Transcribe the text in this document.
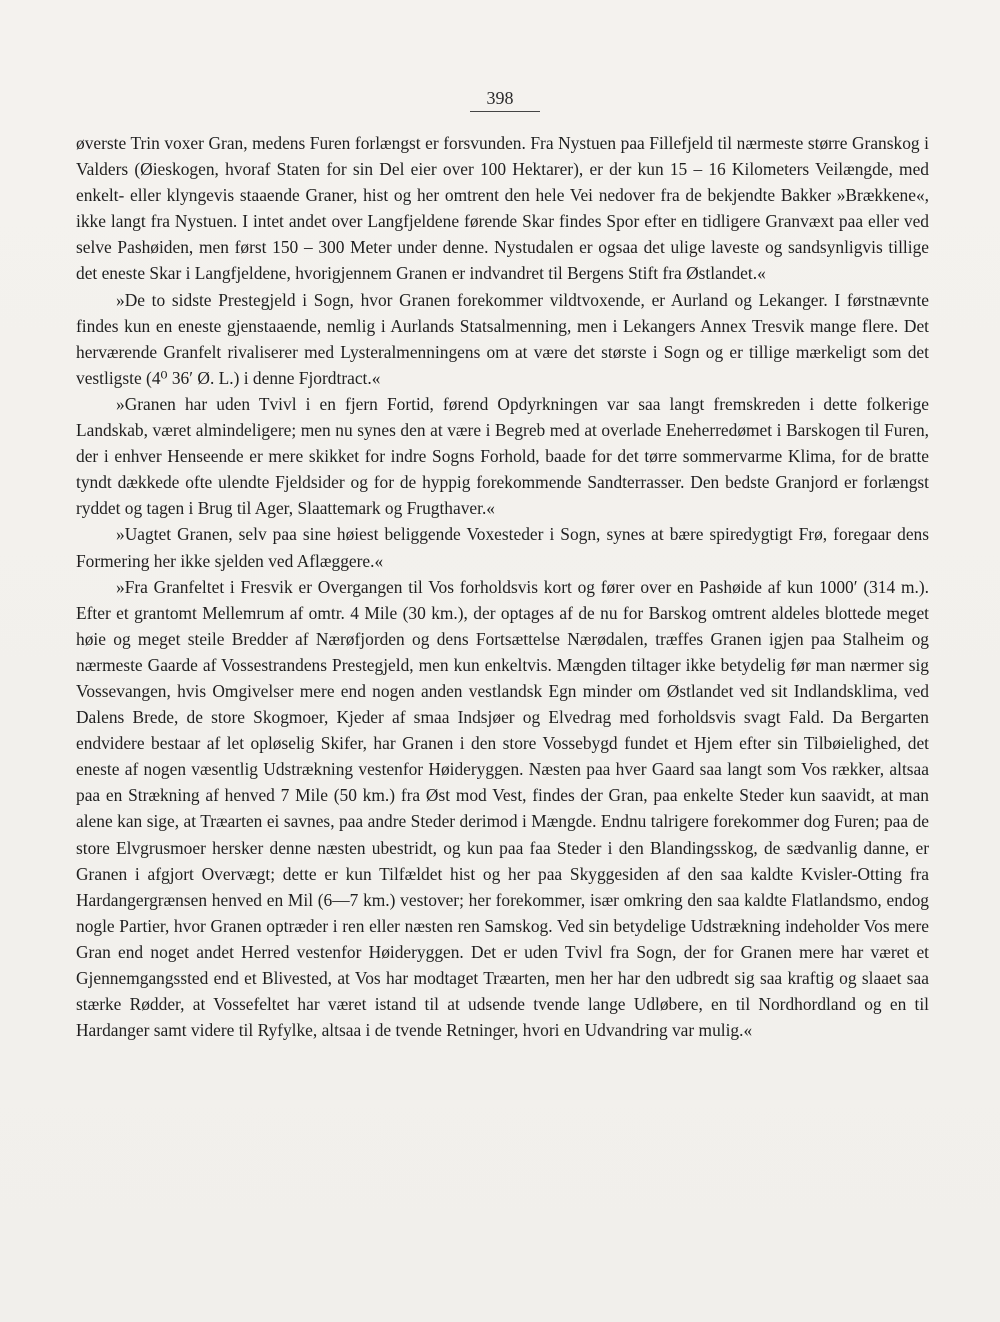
398

øverste Trin voxer Gran, medens Furen forlængst er forsvunden. Fra Nystuen paa Fillefjeld til nærmeste større Granskog i Valders (Øieskogen, hvoraf Staten for sin Del eier over 100 Hektarer), er der kun 15 – 16 Kilometers Veilængde, med enkelt- eller klyngevis staaende Graner, hist og her omtrent den hele Vei nedover fra de bekjendte Bakker »Brækkene«, ikke langt fra Nystuen. I intet andet over Langfjeldene førende Skar findes Spor efter en tidligere Granvæxt paa eller ved selve Pashøiden, men først 150 – 300 Meter under denne. Nystudalen er ogsaa det ulige laveste og sandsynligvis tillige det eneste Skar i Langfjeldene, hvorigjennem Granen er indvandret til Bergens Stift fra Østlandet.«

»De to sidste Prestegjeld i Sogn, hvor Granen forekommer vildtvoxende, er Aurland og Lekanger. I førstnævnte findes kun en eneste gjenstaaende, nemlig i Aurlands Statsalmenning, men i Lekangers Annex Tresvik mange flere. Det herværende Granfelt rivaliserer med Lysteralmenningens om at være det største i Sogn og er tillige mærkeligt som det vestligste (4⁰ 36′ Ø. L.) i denne Fjordtract.«

»Granen har uden Tvivl i en fjern Fortid, førend Opdyrkningen var saa langt fremskreden i dette folkerige Landskab, været almindeligere; men nu synes den at være i Begreb med at overlade Eneherredømet i Barskogen til Furen, der i enhver Henseende er mere skikket for indre Sogns Forhold, baade for det tørre sommervarme Klima, for de bratte tyndt dækkede ofte ulendte Fjeldsider og for de hyppig forekommende Sandterrasser. Den bedste Granjord er forlængst ryddet og tagen i Brug til Ager, Slaattemark og Frugthaver.«

»Uagtet Granen, selv paa sine høiest beliggende Voxesteder i Sogn, synes at bære spiredygtigt Frø, foregaar dens Formering her ikke sjelden ved Aflæggere.«

»Fra Granfeltet i Fresvik er Overgangen til Vos forholdsvis kort og fører over en Pashøide af kun 1000′ (314 m.). Efter et grantomt Mellemrum af omtr. 4 Mile (30 km.), der optages af de nu for Barskog omtrent aldeles blottede meget høie og meget steile Bredder af Nærøfjorden og dens Fortsættelse Nærødalen, træffes Granen igjen paa Stalheim og nærmeste Gaarde af Vossestrandens Prestegjeld, men kun enkeltvis. Mængden tiltager ikke betydelig før man nærmer sig Vossevangen, hvis Omgivelser mere end nogen anden vestlandsk Egn minder om Østlandet ved sit Indlandsklima, ved Dalens Brede, de store Skogmoer, Kjeder af smaa Indsjøer og Elvedrag med forholdsvis svagt Fald. Da Bergarten endvidere bestaar af let opløselig Skifer, har Granen i den store Vossebygd fundet et Hjem efter sin Tilbøielighed, det eneste af nogen væsentlig Udstrækning vestenfor Høideryggen. Næsten paa hver Gaard saa langt som Vos rækker, altsaa paa en Strækning af henved 7 Mile (50 km.) fra Øst mod Vest, findes der Gran, paa enkelte Steder kun saavidt, at man alene kan sige, at Træarten ei savnes, paa andre Steder derimod i Mængde. Endnu talrigere forekommer dog Furen; paa de store Elvgrusmoer hersker denne næsten ubestridt, og kun paa faa Steder i den Blandingsskog, de sædvanlig danne, er Granen i afgjort Overvægt; dette er kun Tilfældet hist og her paa Skyggesiden af den saa kaldte Kvisler-Otting fra Hardangergrænsen henved en Mil (6—7 km.) vestover; her forekommer, især omkring den saa kaldte Flatlandsmo, endog nogle Partier, hvor Granen optræder i ren eller næsten ren Samskog. Ved sin betydelige Udstrækning indeholder Vos mere Gran end noget andet Herred vestenfor Høideryggen. Det er uden Tvivl fra Sogn, der for Granen mere har været et Gjennemgangssted end et Blivested, at Vos har modtaget Træarten, men her har den udbredt sig saa kraftig og slaaet saa stærke Rødder, at Vossefeltet har været istand til at udsende tvende lange Udløbere, en til Nordhordland og en til Hardanger samt videre til Ryfylke, altsaa i de tvende Retninger, hvori en Udvandring var mulig.«
